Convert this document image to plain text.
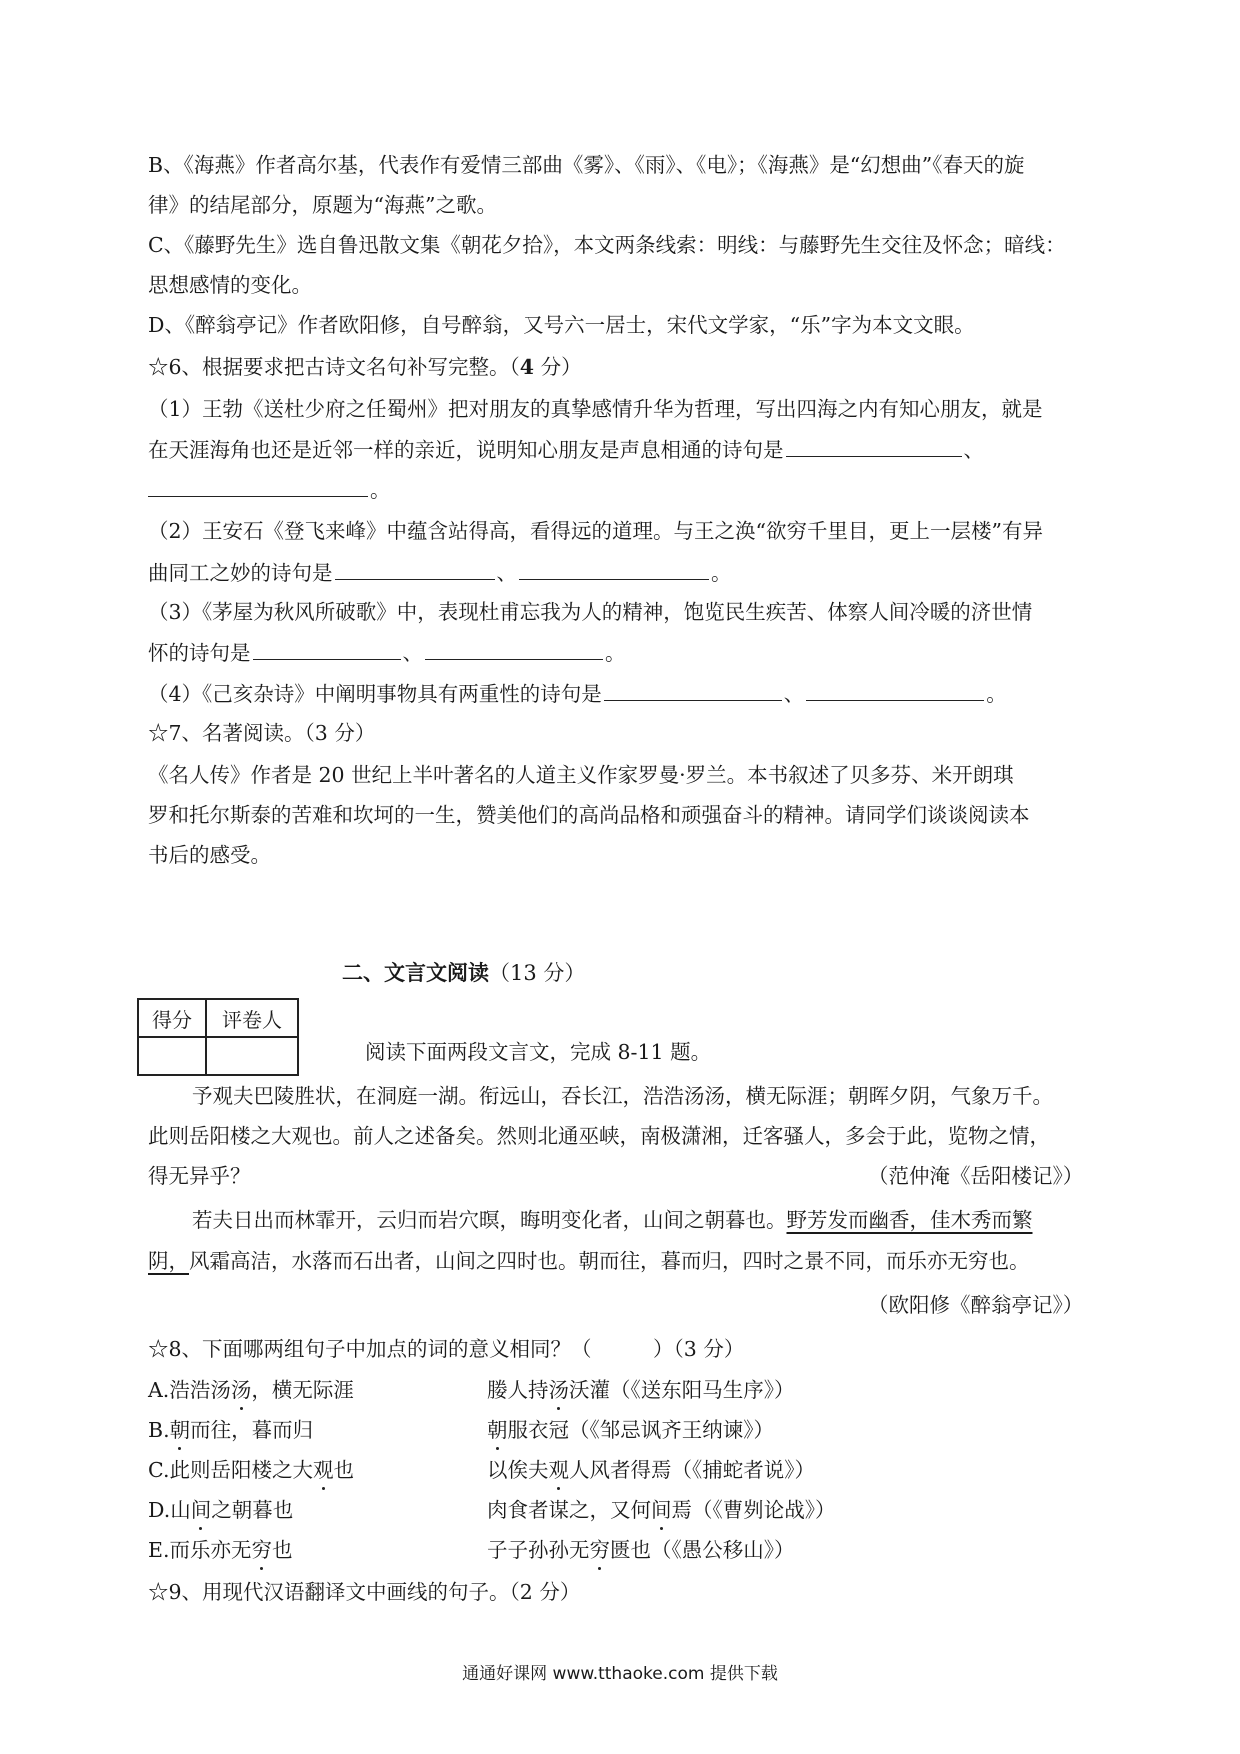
B、《海燕》作者高尔基，代表作有爱情三部曲《雾》、《雨》、《电》；《海燕》是“幻想曲”《春天的旋
律》的结尾部分，原题为“海燕”之歌。
C、《藤野先生》选自鲁迅散文集《朝花夕拾》，本文两条线索：明线：与藤野先生交往及怀念；暗线：
思想感情的变化。
D、《醉翁亭记》作者欧阳修，自号醉翁，又号六一居士，宋代文学家，“乐”字为本文文眼。
☆6、根据要求把古诗文名句补写完整。（4 分）
（1）王勃《送杜少府之任蜀州》把对朋友的真挚感情升华为哲理，写出四海之内有知心朋友，就是
在天涯海角也还是近邻一样的亲近，说明知心朋友是声息相通的诗句是	、
。
（2）王安石《登飞来峰》中蕴含站得高，看得远的道理。与王之涣“欲穷千里目，更上一层楼”有异
曲同工之妙的诗句是	、	。
（3）《茅屋为秋风所破歌》中，表现杜甫忘我为人的精神，饱览民生疾苦、体察人间冷暖的济世情
怀的诗句是	、	。
（4）《己亥杂诗》中阐明事物具有两重性的诗句是	、	。
☆7、名著阅读。（3 分）
《名人传》作者是 20 世纪上半叶著名的人道主义作家罗曼·罗兰。本书叙述了贝多芬、米开朗琪
罗和托尔斯泰的苦难和坎坷的一生，赞美他们的高尚品格和顽强奋斗的精神。请同学们谈谈阅读本
书后的感受。
二、文言文阅读（13 分）
得分	评卷人

阅读下面两段文言文，完成 8-11 题。
予观夫巴陵胜状，在洞庭一湖。衔远山，吞长江，浩浩汤汤，横无际涯；朝晖夕阴，气象万千。
此则岳阳楼之大观也。前人之述备矣。然则北通巫峡，南极潇湘，迁客骚人，多会于此，览物之情，
得无异乎？	（范仲淹《岳阳楼记》）
若夫日出而林霏开，云归而岩穴暝，晦明变化者，山间之朝暮也。野芳发而幽香，佳木秀而繁
阴，风霜高洁，水落而石出者，山间之四时也。朝而往，暮而归，四时之景不同，而乐亦无穷也。
（欧阳修《醉翁亭记》）
☆8、下面哪两组句子中加点的词的意义相同？（　　　）（3 分）
A.浩浩汤汤，横无际涯	媵人持汤沃灌（《送东阳马生序》）
B.朝而往，暮而归	朝服衣冠（《邹忌讽齐王纳谏》）
C.此则岳阳楼之大观也	以俟夫观人风者得焉（《捕蛇者说》）
D.山间之朝暮也	肉食者谋之，又何间焉（《曹刿论战》）
E.而乐亦无穷也	子子孙孙无穷匮也（《愚公移山》）
☆9、用现代汉语翻译文中画线的句子。（2 分）
通通好课网 www.tthaoke.com 提供下载
